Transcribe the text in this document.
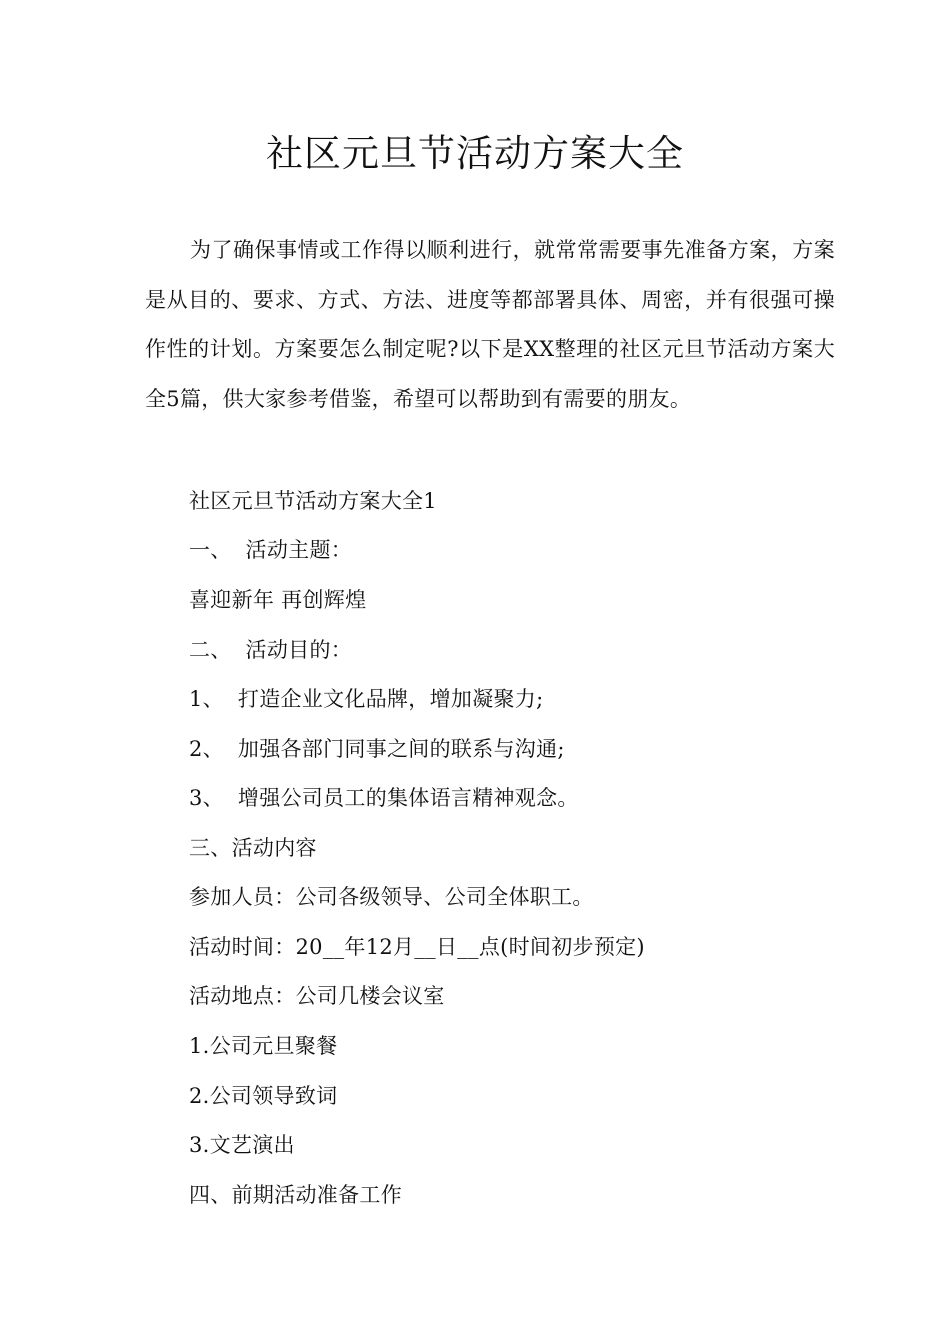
社区元旦节活动方案大全

为了确保事情或工作得以顺利进行，就常常需要事先准备方案，方案是从目的、要求、方式、方法、进度等都部署具体、周密，并有很强可操作性的计划。方案要怎么制定呢?以下是XX整理的社区元旦节活动方案大全5篇，供大家参考借鉴，希望可以帮助到有需要的朋友。

社区元旦节活动方案大全1

一、  活动主题：

喜迎新年 再创辉煌

二、  活动目的：

1、  打造企业文化品牌，增加凝聚力;

2、  加强各部门同事之间的联系与沟通;

3、  增强公司员工的集体语言精神观念。

三、活动内容

参加人员：公司各级领导、公司全体职工。

活动时间：20__年12月__日__点(时间初步预定)

活动地点：公司几楼会议室

1.公司元旦聚餐

2.公司领导致词

3.文艺演出

四、前期活动准备工作
